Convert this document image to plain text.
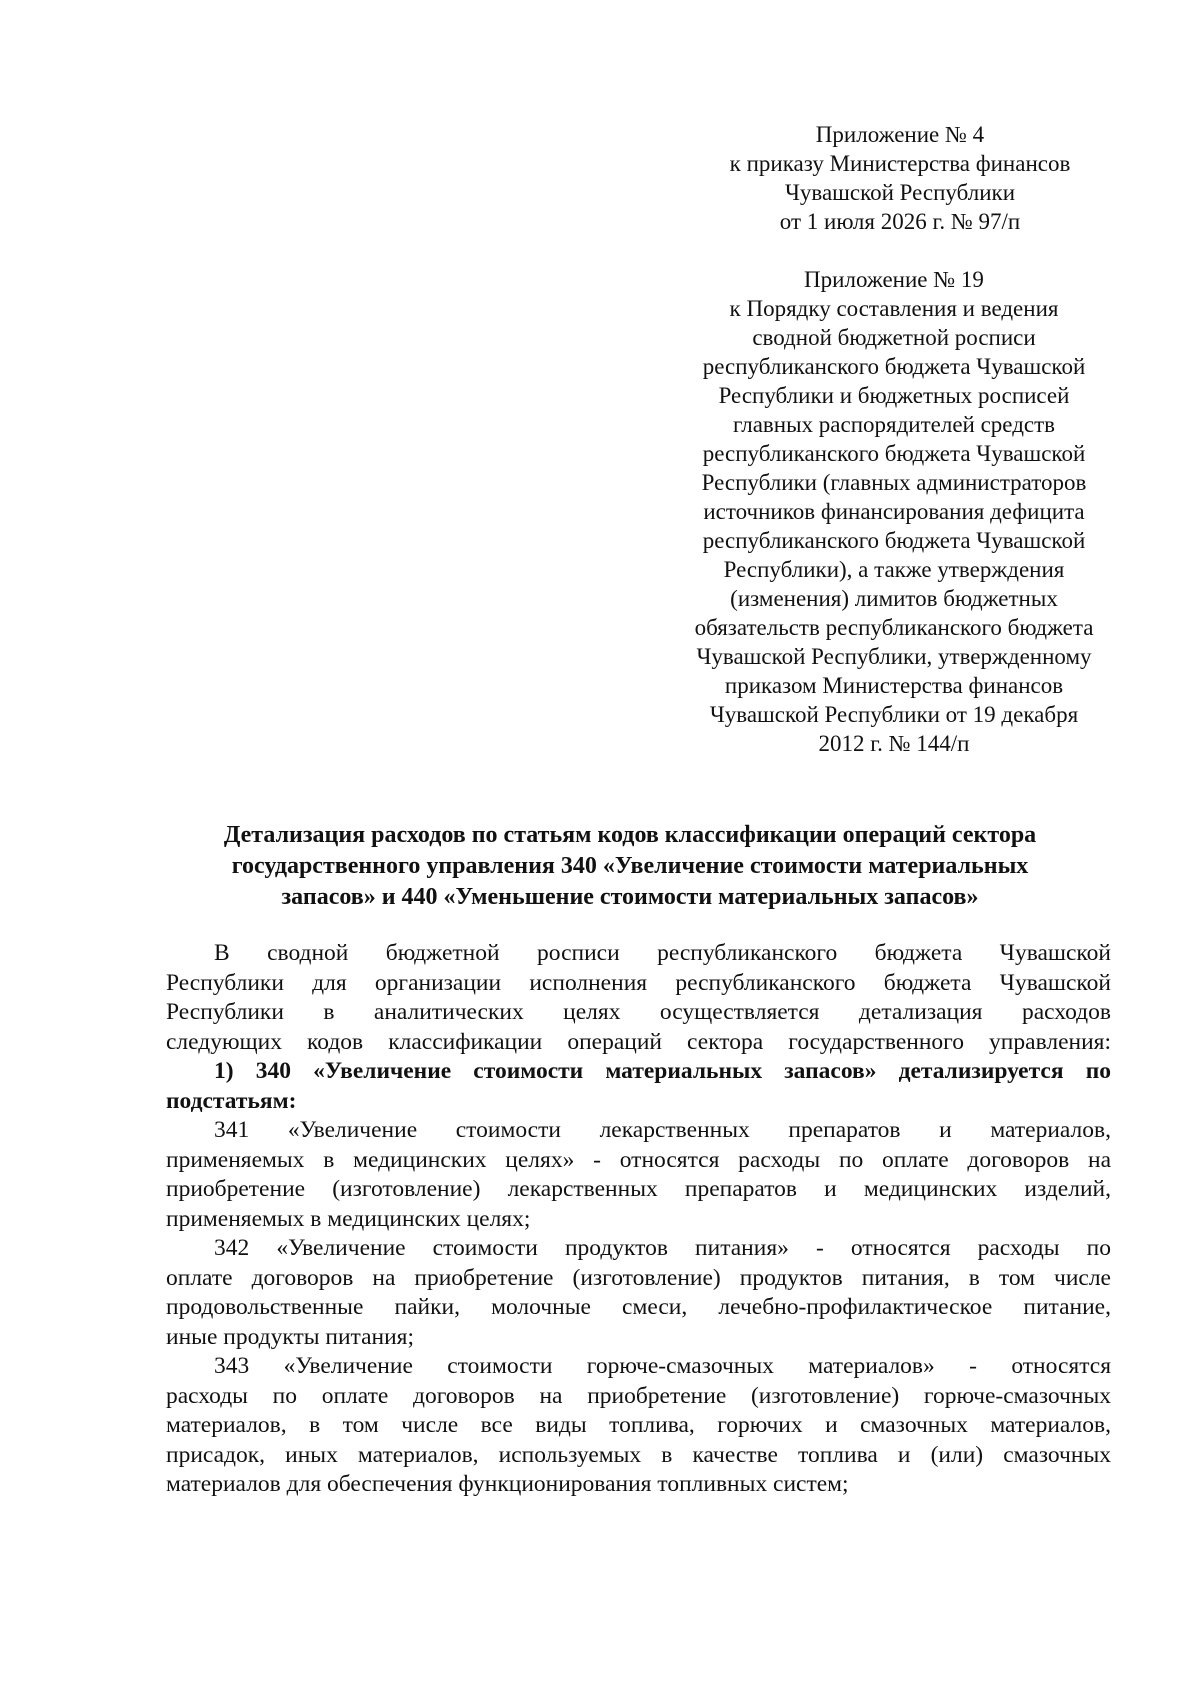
Приложение № 4
к приказу Министерства финансов
Чувашской Республики
от 1 июля 2026 г. № 97/п
Приложение № 19
к Порядку составления и ведения
сводной бюджетной росписи
республиканского бюджета Чувашской
Республики и бюджетных росписей
главных распорядителей средств
республиканского бюджета Чувашской
Республики (главных администраторов
источников финансирования дефицита
республиканского бюджета Чувашской
Республики), а также утверждения
(изменения) лимитов бюджетных
обязательств республиканского бюджета
Чувашской Республики, утвержденному
приказом Министерства финансов
Чувашской Республики от 19 декабря
2012 г. № 144/п
Детализация расходов по статьям кодов классификации операций сектора
государственного управления 340 «Увеличение стоимости материальных
запасов» и 440 «Уменьшение стоимости материальных запасов»
В сводной бюджетной росписи республиканского бюджета Чувашской
Республики для организации исполнения республиканского бюджета Чувашской
Республики в аналитических целях осуществляется детализация расходов
следующих кодов классификации операций сектора государственного управления:
1) 340 «Увеличение стоимости материальных запасов» детализируется по
подстатьям:
341 «Увеличение стоимости лекарственных препаратов и материалов,
применяемых в медицинских целях» - относятся расходы по оплате договоров на
приобретение (изготовление) лекарственных препаратов и медицинских изделий,
применяемых в медицинских целях;
342 «Увеличение стоимости продуктов питания» - относятся расходы по
оплате договоров на приобретение (изготовление) продуктов питания, в том числе
продовольственные пайки, молочные смеси, лечебно-профилактическое питание,
иные продукты питания;
343 «Увеличение стоимости горюче-смазочных материалов» - относятся
расходы по оплате договоров на приобретение (изготовление) горюче-смазочных
материалов, в том числе все виды топлива, горючих и смазочных материалов,
присадок, иных материалов, используемых в качестве топлива и (или) смазочных
материалов для обеспечения функционирования топливных систем;
